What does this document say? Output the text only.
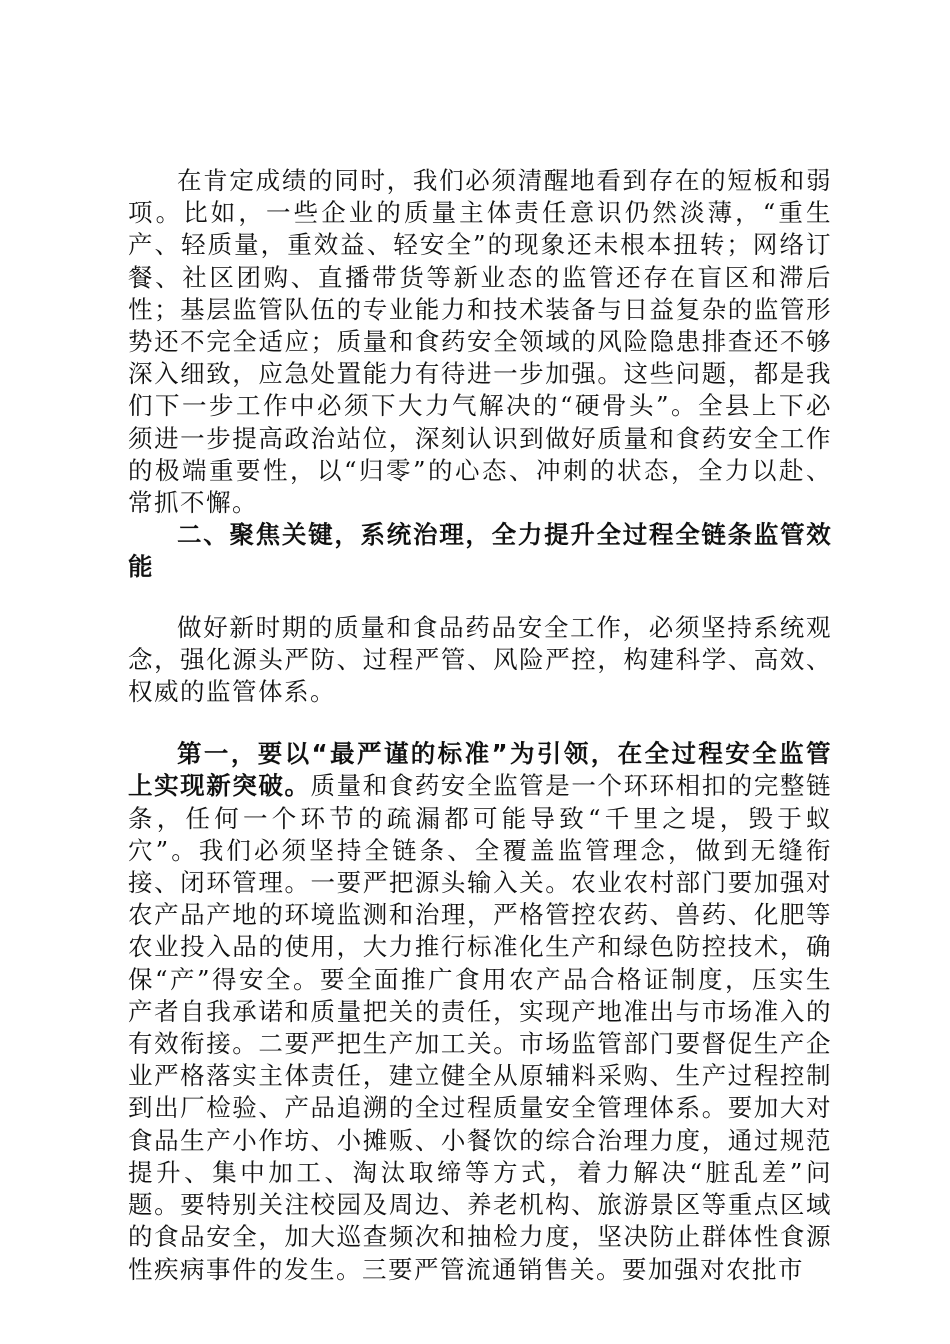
在肯定成绩的同时，我们必须清醒地看到存在的短板和弱项。比如，一些企业的质量主体责任意识仍然淡薄，“重生产、轻质量，重效益、轻安全”的现象还未根本扭转；网络订餐、社区团购、直播带货等新业态的监管还存在盲区和滞后性；基层监管队伍的专业能力和技术装备与日益复杂的监管形势还不完全适应；质量和食药安全领域的风险隐患排查还不够深入细致，应急处置能力有待进一步加强。这些问题，都是我们下一步工作中必须下大力气解决的“硬骨头”。全县上下必须进一步提高政治站位，深刻认识到做好质量和食药安全工作的极端重要性，以“归零”的心态、冲刺的状态，全力以赴、常抓不懈。

二、聚焦关键，系统治理，全力提升全过程全链条监管效能

做好新时期的质量和食品药品安全工作，必须坚持系统观念，强化源头严防、过程严管、风险严控，构建科学、高效、权威的监管体系。

第一，要以“最严谨的标准”为引领，在全过程安全监管上实现新突破。质量和食药安全监管是一个环环相扣的完整链条，任何一个环节的疏漏都可能导致“千里之堤，毁于蚁穴”。我们必须坚持全链条、全覆盖监管理念，做到无缝衔接、闭环管理。一要严把源头输入关。农业农村部门要加强对农产品产地的环境监测和治理，严格管控农药、兽药、化肥等农业投入品的使用，大力推行标准化生产和绿色防控技术，确保“产”得安全。要全面推广食用农产品合格证制度，压实生产者自我承诺和质量把关的责任，实现产地准出与市场准入的有效衔接。二要严把生产加工关。市场监管部门要督促生产企业严格落实主体责任，建立健全从原辅料采购、生产过程控制到出厂检验、产品追溯的全过程质量安全管理体系。要加大对食品生产小作坊、小摊贩、小餐饮的综合治理力度，通过规范提升、集中加工、淘汰取缔等方式，着力解决“脏乱差”问题。要特别关注校园及周边、养老机构、旅游景区等重点区域的食品安全，加大巡查频次和抽检力度，坚决防止群体性食源性疾病事件的发生。三要严管流通销售关。要加强对农批市
